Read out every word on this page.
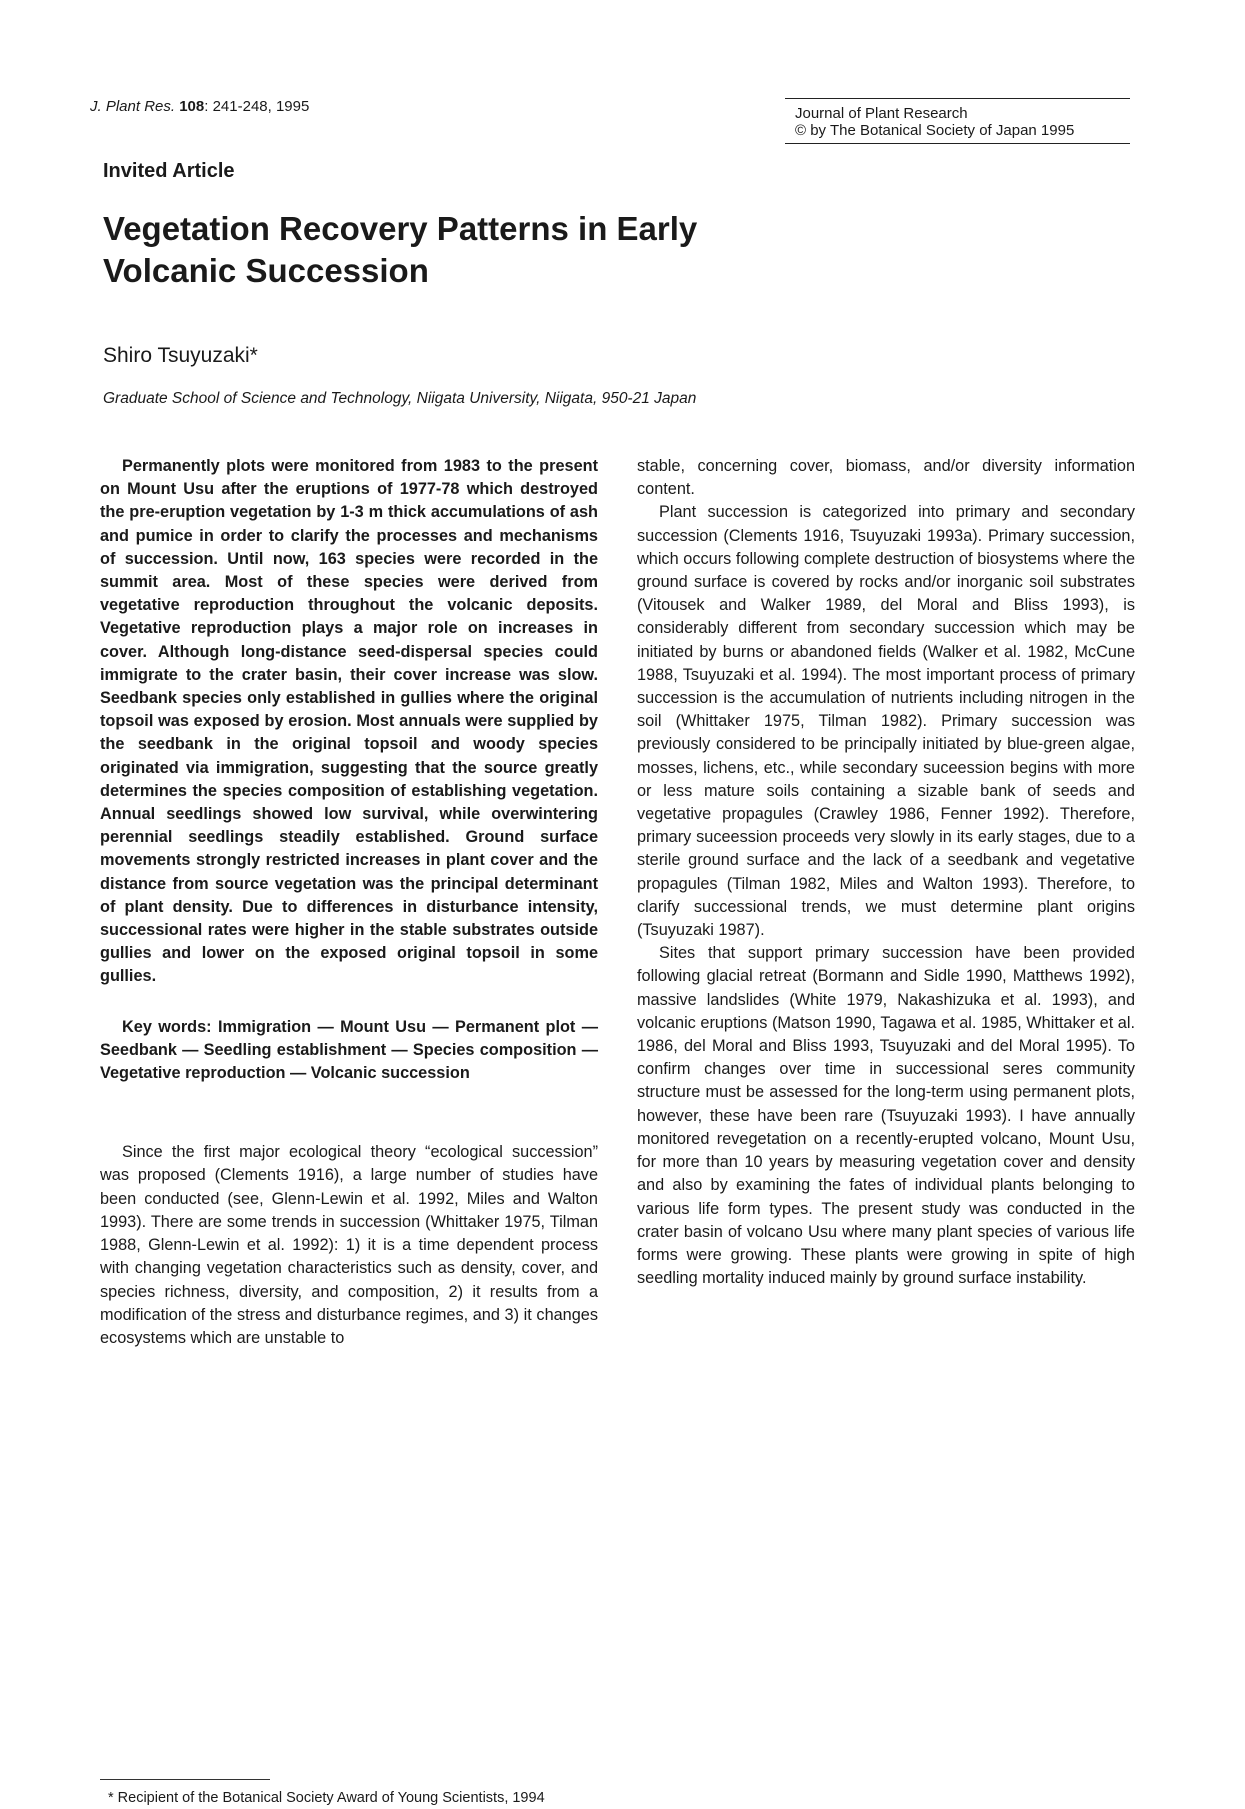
J. Plant Res. 108: 241-248, 1995	Journal of Plant Research
© by The Botanical Society of Japan 1995
Invited Article
Vegetation Recovery Patterns in Early Volcanic Succession
Shiro Tsuyuzaki*
Graduate School of Science and Technology, Niigata University, Niigata, 950-21 Japan

Permanently plots were monitored from 1983 to the present on Mount Usu after the eruptions of 1977-78 which destroyed the pre-eruption vegetation by 1-3 m thick accumulations of ash and pumice in order to clarify the processes and mechanisms of succession. Until now, 163 species were recorded in the summit area. Most of these species were derived from vegetative reproduction throughout the volcanic deposits. Vegetative reproduction plays a major role on increases in cover. Although long-distance seed-dispersal species could immigrate to the crater basin, their cover increase was slow. Seedbank species only established in gullies where the original topsoil was exposed by erosion. Most annuals were supplied by the seedbank in the original topsoil and woody species originated via immigration, suggesting that the source greatly determines the species composition of establishing vegetation. Annual seedlings showed low survival, while overwintering perennial seedlings steadily established. Ground surface movements strongly restricted increases in plant cover and the distance from source vegetation was the principal determinant of plant density. Due to differences in disturbance intensity, successional rates were higher in the stable substrates outside gullies and lower on the exposed original topsoil in some gullies.

Key words: Immigration — Mount Usu — Permanent plot — Seedbank — Seedling establishment — Species composition — Vegetative reproduction — Volcanic succession

Since the first major ecological theory “ecological succession” was proposed (Clements 1916), a large number of studies have been conducted (see, Glenn-Lewin et al. 1992, Miles and Walton 1993). There are some trends in succession (Whittaker 1975, Tilman 1988, Glenn-Lewin et al. 1992): 1) it is a time dependent process with changing vegetation characteristics such as density, cover, and species richness, diversity, and composition, 2) it results from a modification of the stress and disturbance regimes, and 3) it changes ecosystems which are unstable to

stable, concerning cover, biomass, and/or diversity information content.

Plant succession is categorized into primary and secondary succession (Clements 1916, Tsuyuzaki 1993a). Primary succession, which occurs following complete destruction of biosystems where the ground surface is covered by rocks and/or inorganic soil substrates (Vitousek and Walker 1989, del Moral and Bliss 1993), is considerably different from secondary succession which may be initiated by burns or abandoned fields (Walker et al. 1982, McCune 1988, Tsuyuzaki et al. 1994). The most important process of primary succession is the accumulation of nutrients including nitrogen in the soil (Whittaker 1975, Tilman 1982). Primary succession was previously considered to be principally initiated by blue-green algae, mosses, lichens, etc., while secondary suceession begins with more or less mature soils containing a sizable bank of seeds and vegetative propagules (Crawley 1986, Fenner 1992). Therefore, primary suceession proceeds very slowly in its early stages, due to a sterile ground surface and the lack of a seedbank and vegetative propagules (Tilman 1982, Miles and Walton 1993). Therefore, to clarify successional trends, we must determine plant origins (Tsuyuzaki 1987).

Sites that support primary succession have been provided following glacial retreat (Bormann and Sidle 1990, Matthews 1992), massive landslides (White 1979, Nakashizuka et al. 1993), and volcanic eruptions (Matson 1990, Tagawa et al. 1985, Whittaker et al. 1986, del Moral and Bliss 1993, Tsuyuzaki and del Moral 1995). To confirm changes over time in successional seres community structure must be assessed for the long-term using permanent plots, however, these have been rare (Tsuyuzaki 1993). I have annually monitored revegetation on a recently-erupted volcano, Mount Usu, for more than 10 years by measuring vegetation cover and density and also by examining the fates of individual plants belonging to various life form types. The present study was conducted in the crater basin of volcano Usu where many plant species of various life forms were growing. These plants were growing in spite of high seedling mortality induced mainly by ground surface instability.

* Recipient of the Botanical Society Award of Young Scientists, 1994
